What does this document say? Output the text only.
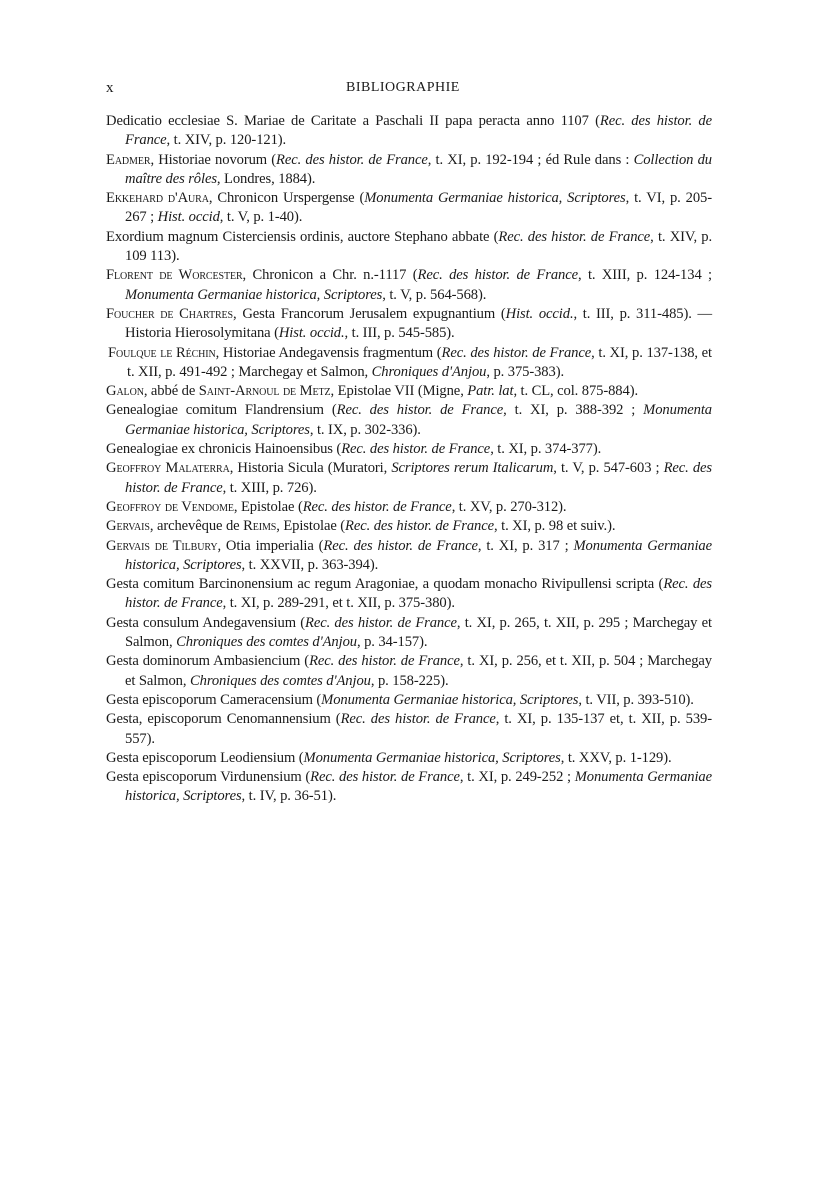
x	BIBLIOGRAPHIE

Dedicatio ecclesiae S. Mariae de Caritate a Paschali II papa peracta anno 1107 (Rec. des histor. de France, t. XIV, p. 120-121).

Eadmer, Historiae novorum (Rec. des histor. de France, t. XI, p. 192-194 ; éd Rule dans : Collection du maître des rôles, Londres, 1884).

Ekkehard d'Aura, Chronicon Urspergense (Monumenta Germaniae historica, Scriptores, t. VI, p. 205-267 ; Hist. occid, t. V, p. 1-40).

Exordium magnum Cisterciensis ordinis, auctore Stephano abbate (Rec. des histor. de France, t. XIV, p. 109 113).

Florent de Worcester, Chronicon a Chr. n.-1117 (Rec. des histor. de France, t. XIII, p. 124-134 ; Monumenta Germaniae historica, Scriptores, t. V, p. 564-568).

Foucher de Chartres, Gesta Francorum Jerusalem expugnantium (Hist. occid., t. III, p. 311-485). — Historia Hierosolymitana (Hist. occid., t. III, p. 545-585).

Foulque le Réchin, Historiae Andegavensis fragmentum (Rec. des histor. de France, t. XI, p. 137-138, et t. XII, p. 491-492 ; Marchegay et Salmon, Chroniques d'Anjou, p. 375-383).

Galon, abbé de Saint-Arnoul de Metz, Epistolae VII (Migne, Patr. lat, t. CL, col. 875-884).

Genealogiae comitum Flandrensium (Rec. des histor. de France, t. XI, p. 388-392 ; Monumenta Germaniae historica, Scriptores, t. IX, p. 302-336).

Genealogiae ex chronicis Hainoensibus (Rec. des histor. de France, t. XI, p. 374-377).

Geoffroy Malaterra, Historia Sicula (Muratori, Scriptores rerum Italicarum, t. V, p. 547-603 ; Rec. des histor. de France, t. XIII, p. 726).

Geoffroy de Vendome, Epistolae (Rec. des histor. de France, t. XV, p. 270-312).

Gervais, archevêque de Reims, Epistolae (Rec. des histor. de France, t. XI, p. 98 et suiv.).

Gervais de Tilbury, Otia imperialia (Rec. des histor. de France, t. XI, p. 317 ; Monumenta Germaniae historica, Scriptores, t. XXVII, p. 363-394).

Gesta comitum Barcinonensium ac regum Aragoniae, a quodam monacho Rivipullensi scripta (Rec. des histor. de France, t. XI, p. 289-291, et t. XII, p. 375-380).

Gesta consulum Andegavensium (Rec. des histor. de France, t. XI, p. 265, t. XII, p. 295 ; Marchegay et Salmon, Chroniques des comtes d'Anjou, p. 34-157).

Gesta dominorum Ambasiencium (Rec. des histor. de France, t. XI, p. 256, et t. XII, p. 504 ; Marchegay et Salmon, Chroniques des comtes d'Anjou, p. 158-225).

Gesta episcoporum Cameracensium (Monumenta Germaniae historica, Scriptores, t. VII, p. 393-510).

Gesta, episcoporum Cenomannensium (Rec. des histor. de France, t. XI, p. 135-137 et, t. XII, p. 539-557).

Gesta episcoporum Leodiensium (Monumenta Germaniae historica, Scriptores, t. XXV, p. 1-129).

Gesta episcoporum Virdunensium (Rec. des histor. de France, t. XI, p. 249-252 ; Monumenta Germaniae historica, Scriptores, t. IV, p. 36-51).
